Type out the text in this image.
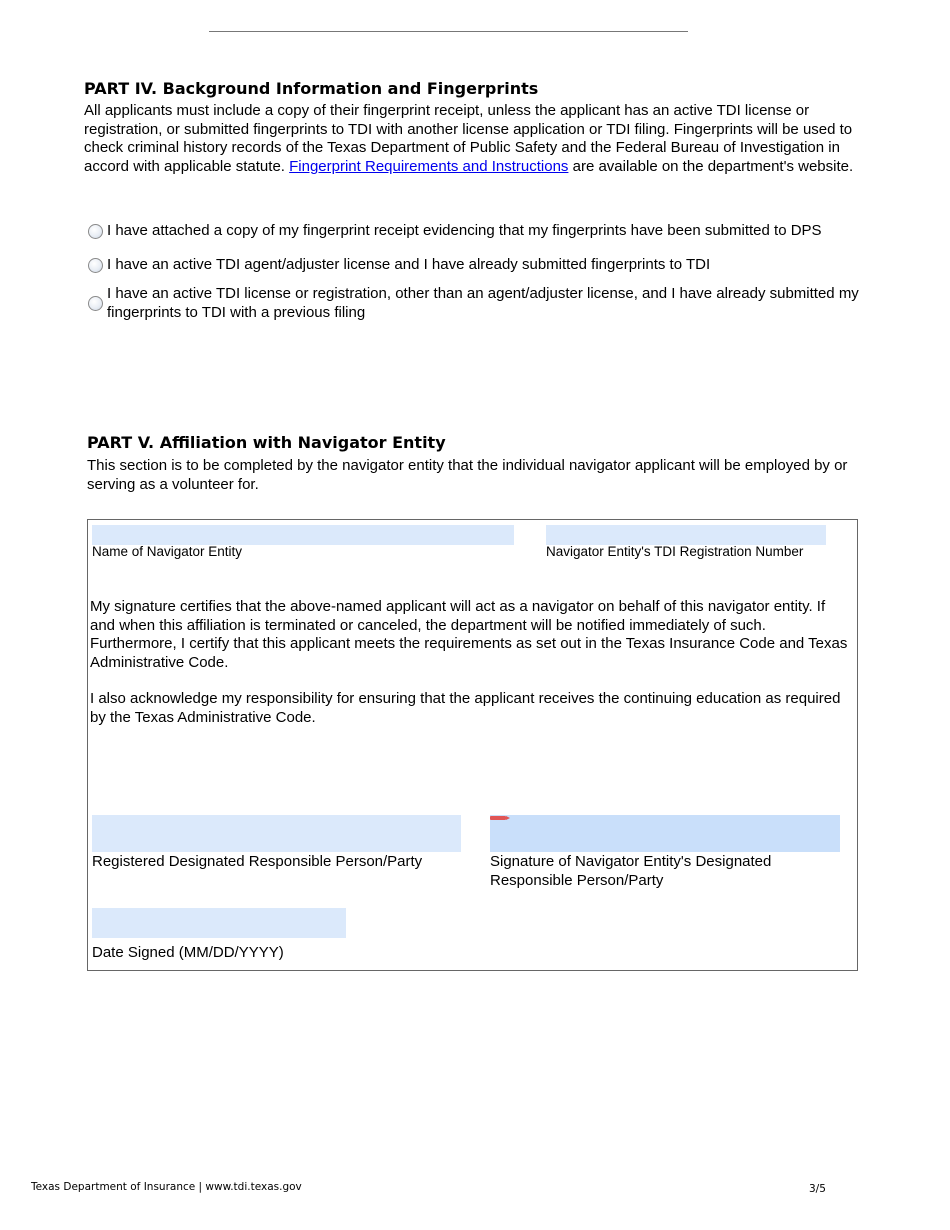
PART IV. Background Information and Fingerprints

All applicants must include a copy of their fingerprint receipt, unless the applicant has an active TDI license or registration, or submitted fingerprints to TDI with another license application or TDI filing. Fingerprints will be used to check criminal history records of the Texas Department of Public Safety and the Federal Bureau of Investigation in accord with applicable statute. Fingerprint Requirements and Instructions are available on the department's website.

I have attached a copy of my fingerprint receipt evidencing that my fingerprints have been submitted to DPS
I have an active TDI agent/adjuster license and I have already submitted fingerprints to TDI
I have an active TDI license or registration, other than an agent/adjuster license, and I have already submitted my fingerprints to TDI with a previous filing
PART V. Affiliation with Navigator Entity

This section is to be completed by the navigator entity that the individual navigator applicant will be employed by or serving as a volunteer for.

Name of Navigator Entity	Navigator Entity's TDI Registration Number

My signature certifies that the above-named applicant will act as a navigator on behalf of this navigator entity. If and when this affiliation is terminated or canceled, the department will be notified immediately of such. Furthermore, I certify that this applicant meets the requirements as set out in the Texas Insurance Code and Texas Administrative Code.

I also acknowledge my responsibility for ensuring that the applicant receives the continuing education as required by the Texas Administrative Code.

Registered Designated Responsible Person/Party	Signature of Navigator Entity's Designated Responsible Person/Party
Date Signed (MM/DD/YYYY)
Texas Department of Insurance | www.tdi.texas.gov	3/5
